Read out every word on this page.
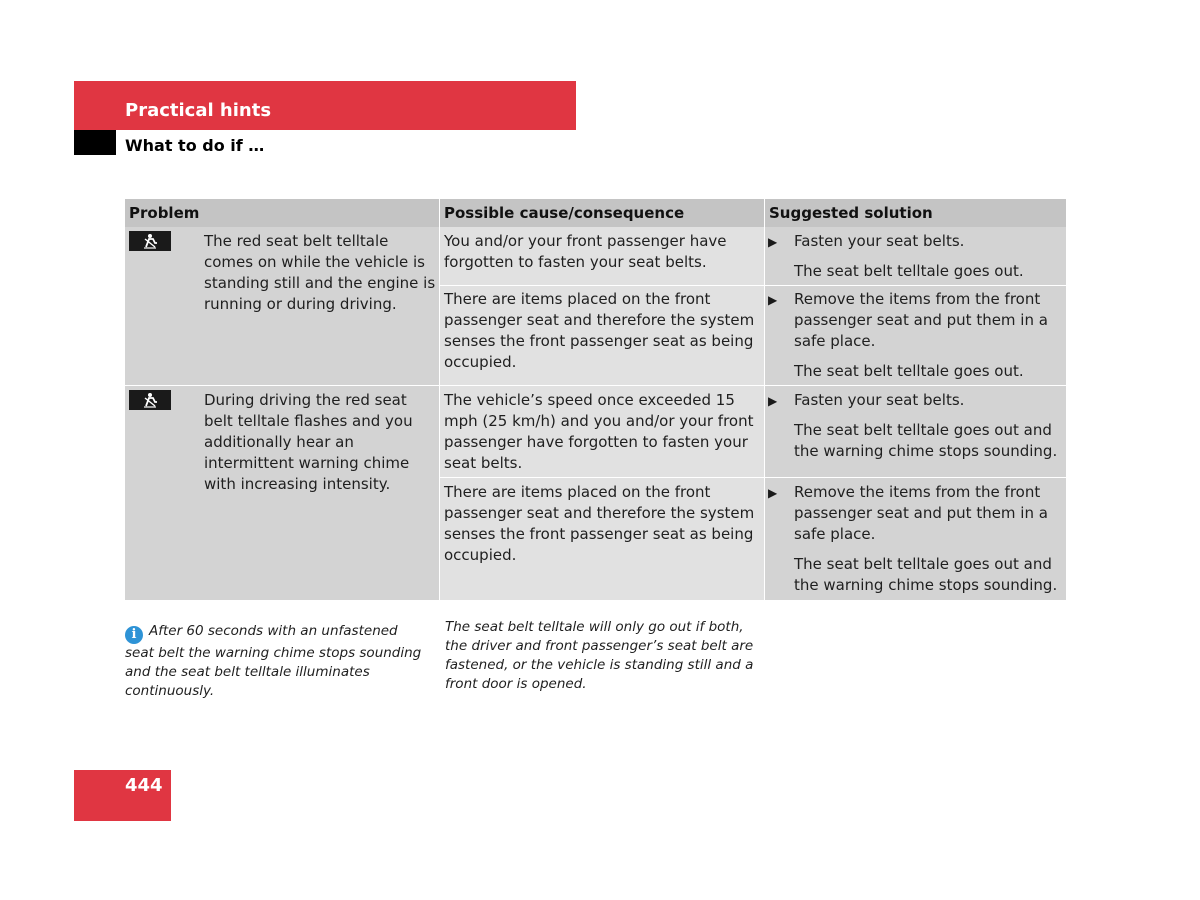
Practical hints
What to do if …
Problem	Possible cause/consequence	Suggested solution
The red seat belt telltale comes on while the vehicle is standing still and the engine is running or during driving.
You and/or your front passenger have forgotten to fasten your seat belts.
▶ Fasten your seat belts.
The seat belt telltale goes out.
There are items placed on the front passenger seat and therefore the system senses the front passenger seat as being occupied.
▶ Remove the items from the front passenger seat and put them in a safe place.
The seat belt telltale goes out.
During driving the red seat belt telltale flashes and you additionally hear an intermittent warning chime with increasing intensity.
The vehicle’s speed once exceeded 15 mph (25 km/h) and you and/or your front passenger have forgotten to fasten your seat belts.
▶ Fasten your seat belts.
The seat belt telltale goes out and the warning chime stops sounding.
There are items placed on the front passenger seat and therefore the system senses the front passenger seat as being occupied.
▶ Remove the items from the front passenger seat and put them in a safe place.
The seat belt telltale goes out and the warning chime stops sounding.
i After 60 seconds with an unfastened seat belt the warning chime stops sounding and the seat belt telltale illuminates continuously.
The seat belt telltale will only go out if both, the driver and front passenger’s seat belt are fastened, or the vehicle is standing still and a front door is opened.
444
